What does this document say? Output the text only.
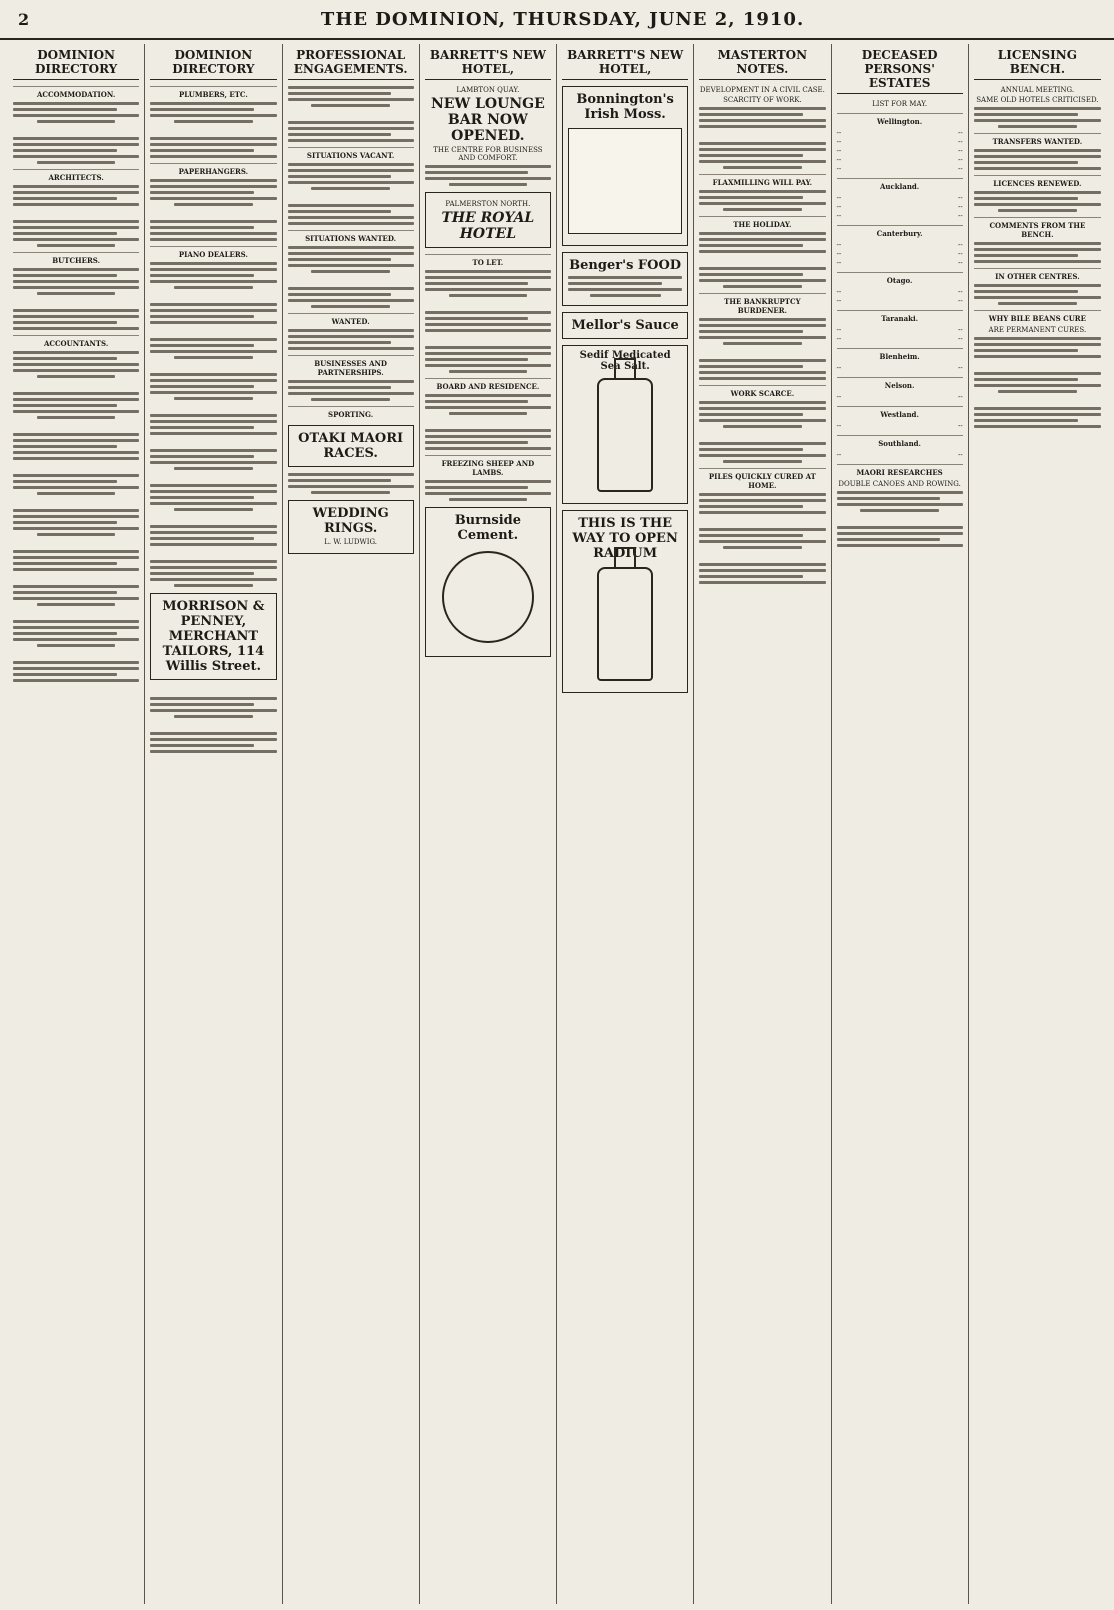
2	THE DOMINION, THURSDAY, JUNE 2, 1910.
DOMINION DIRECTORY
ACCOMMODATION.
ARCHITECTS.
BUTCHERS.
ACCOUNTANTS.
DOMINION DIRECTORY
PLUMBERS, ETC.
PAPERHANGERS.
PIANO DEALERS.
MORRISON & PENNEY, MERCHANT TAILORS, 114 Willis Street.
PROFESSIONAL ENGAGEMENTS.
SITUATIONS VACANT.
SITUATIONS WANTED.
WANTED.
BUSINESSES AND PARTNERSHIPS.
SPORTING.
OTAKI MAORI RACES.
WEDDING RINGS.
L. W. LUDWIG.
BARRETT'S NEW HOTEL,
LAMBTON QUAY.
NEW LOUNGE BAR NOW OPENED.
THE CENTRE FOR BUSINESS AND COMFORT.
PALMERSTON NORTH.
THE ROYAL HOTEL
TO LET.
BOARD AND RESIDENCE.
FREEZING SHEEP AND LAMBS.
Burnside Cement.
BARRETT'S NEW HOTEL,
Bonnington's Irish Moss.
Benger's FOOD
Mellor's Sauce
Sedif Medicated Sea Salt.
THIS IS THE WAY TO OPEN RADIUM
MASTERTON NOTES.
DEVELOPMENT IN A CIVIL CASE.
SCARCITY OF WORK.
FLAXMILLING WILL PAY.
THE HOLIDAY.
THE BANKRUPTCY BURDENER.
WORK SCARCE.
PILES QUICKLY CURED AT HOME.
DECEASED PERSONS' ESTATES
LIST FOR MAY.
Wellington.
--	--
--	--
--	--
--	--
--	--
Auckland.
--	--
--	--
--	--
Canterbury.
--	--
--	--
--	--
Otago.
--	--
--	--
Taranaki.
--	--
--	--
Blenheim.
--	--
Nelson.
--	--
Westland.
--	--
Southland.
--	--
MAORI RESEARCHES
DOUBLE CANOES AND ROWING.
LICENSING BENCH.
ANNUAL MEETING.
SAME OLD HOTELS CRITICISED.
TRANSFERS WANTED.
LICENCES RENEWED.
COMMENTS FROM THE BENCH.
IN OTHER CENTRES.
WHY BILE BEANS CURE
ARE PERMANENT CURES.
